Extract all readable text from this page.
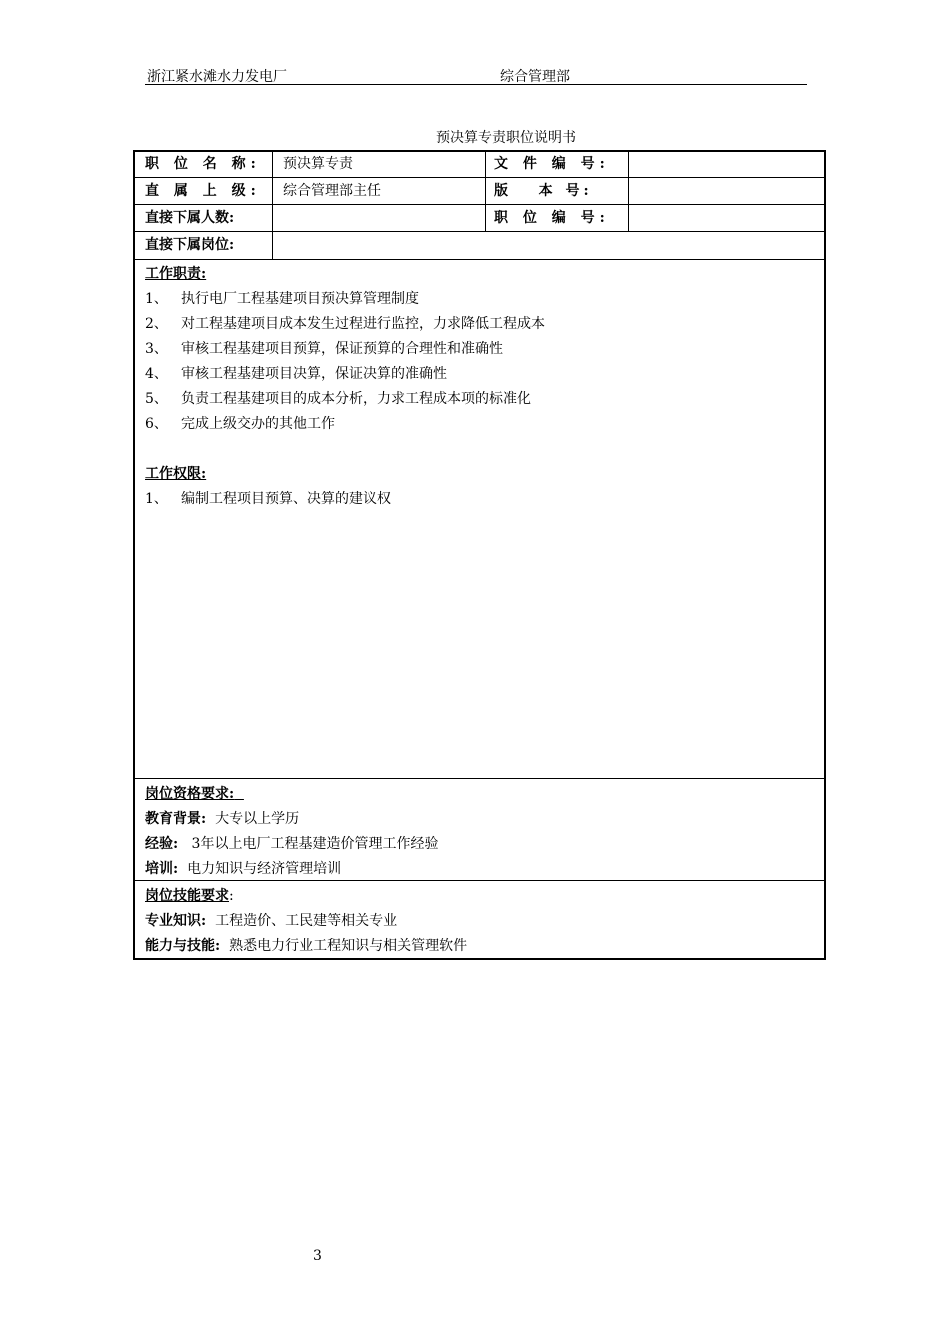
浙江紧水滩水力发电厂	综合管理部
预决算专责职位说明书
职 位 名 称: 预决算专责	文 件 编 号:
直 属 上 级: 综合管理部主任	版   本 号:
直接下属人数:	职 位 编 号:
直接下属岗位:
工作职责:
1、 执行电厂工程基建项目预决算管理制度
2、 对工程基建项目成本发生过程进行监控，力求降低工程成本
3、 审核工程基建项目预算，保证预算的合理性和准确性
4、 审核工程基建项目决算，保证决算的准确性
5、 负责工程基建项目的成本分析，力求工程成本项的标准化
6、 完成上级交办的其他工作
工作权限:
1、 编制工程项目预算、决算的建议权
岗位资格要求:
教育背景: 大专以上学历
经验: 3年以上电厂工程基建造价管理工作经验
培训: 电力知识与经济管理培训
岗位技能要求:
专业知识: 工程造价、工民建等相关专业
能力与技能: 熟悉电力行业工程知识与相关管理软件
3
